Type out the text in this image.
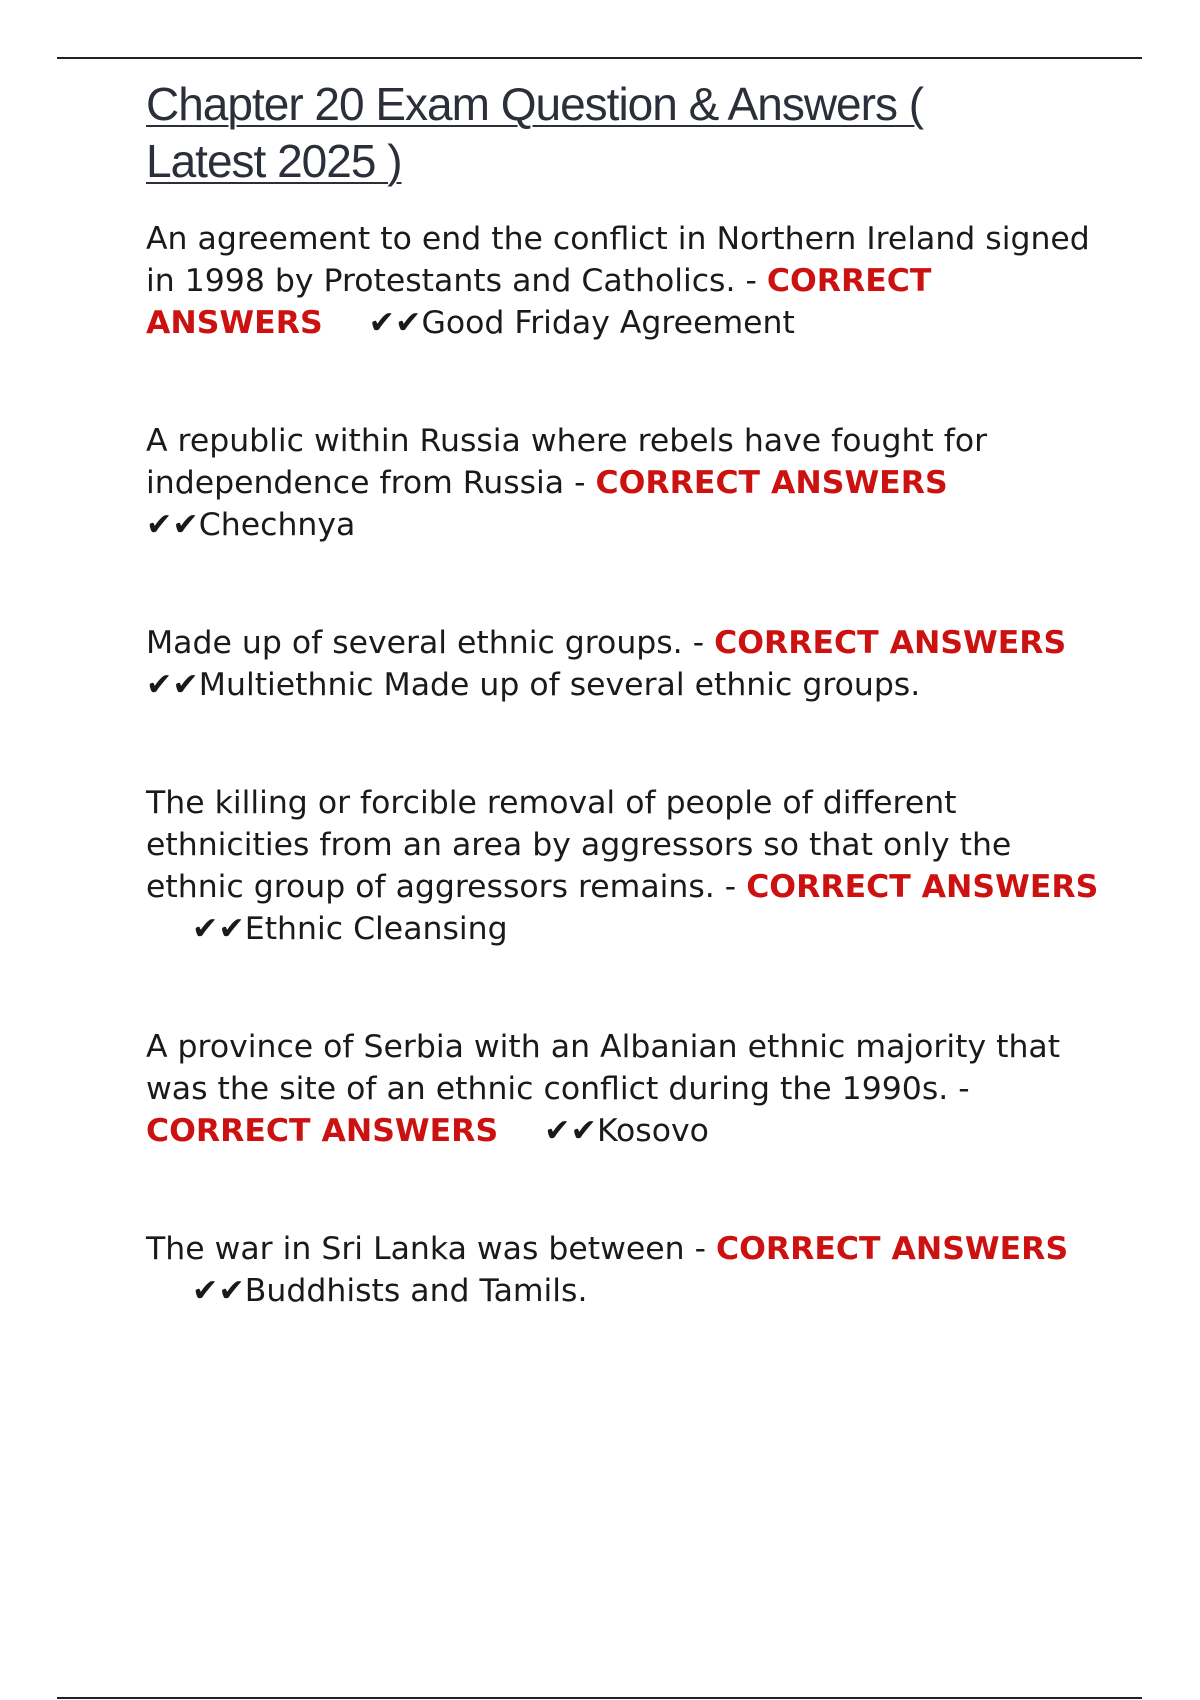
Chapter 20 Exam Question & Answers ( Latest 2025 )

An agreement to end the conflict in Northern Ireland signed in 1998 by Protestants and Catholics. - CORRECT ANSWERS ✔✔Good Friday Agreement

A republic within Russia where rebels have fought for independence from Russia - CORRECT ANSWERS
✔✔Chechnya

Made up of several ethnic groups. - CORRECT ANSWERS
✔✔Multiethnic Made up of several ethnic groups.

The killing or forcible removal of people of different ethnicities from an area by aggressors so that only the ethnic group of aggressors remains. - CORRECT ANSWERS✔✔Ethnic Cleansing

A province of Serbia with an Albanian ethnic majority that was the site of an ethnic conflict during the 1990s. - CORRECT ANSWERS ✔✔Kosovo

The war in Sri Lanka was between - CORRECT ANSWERS✔✔Buddhists and Tamils.
